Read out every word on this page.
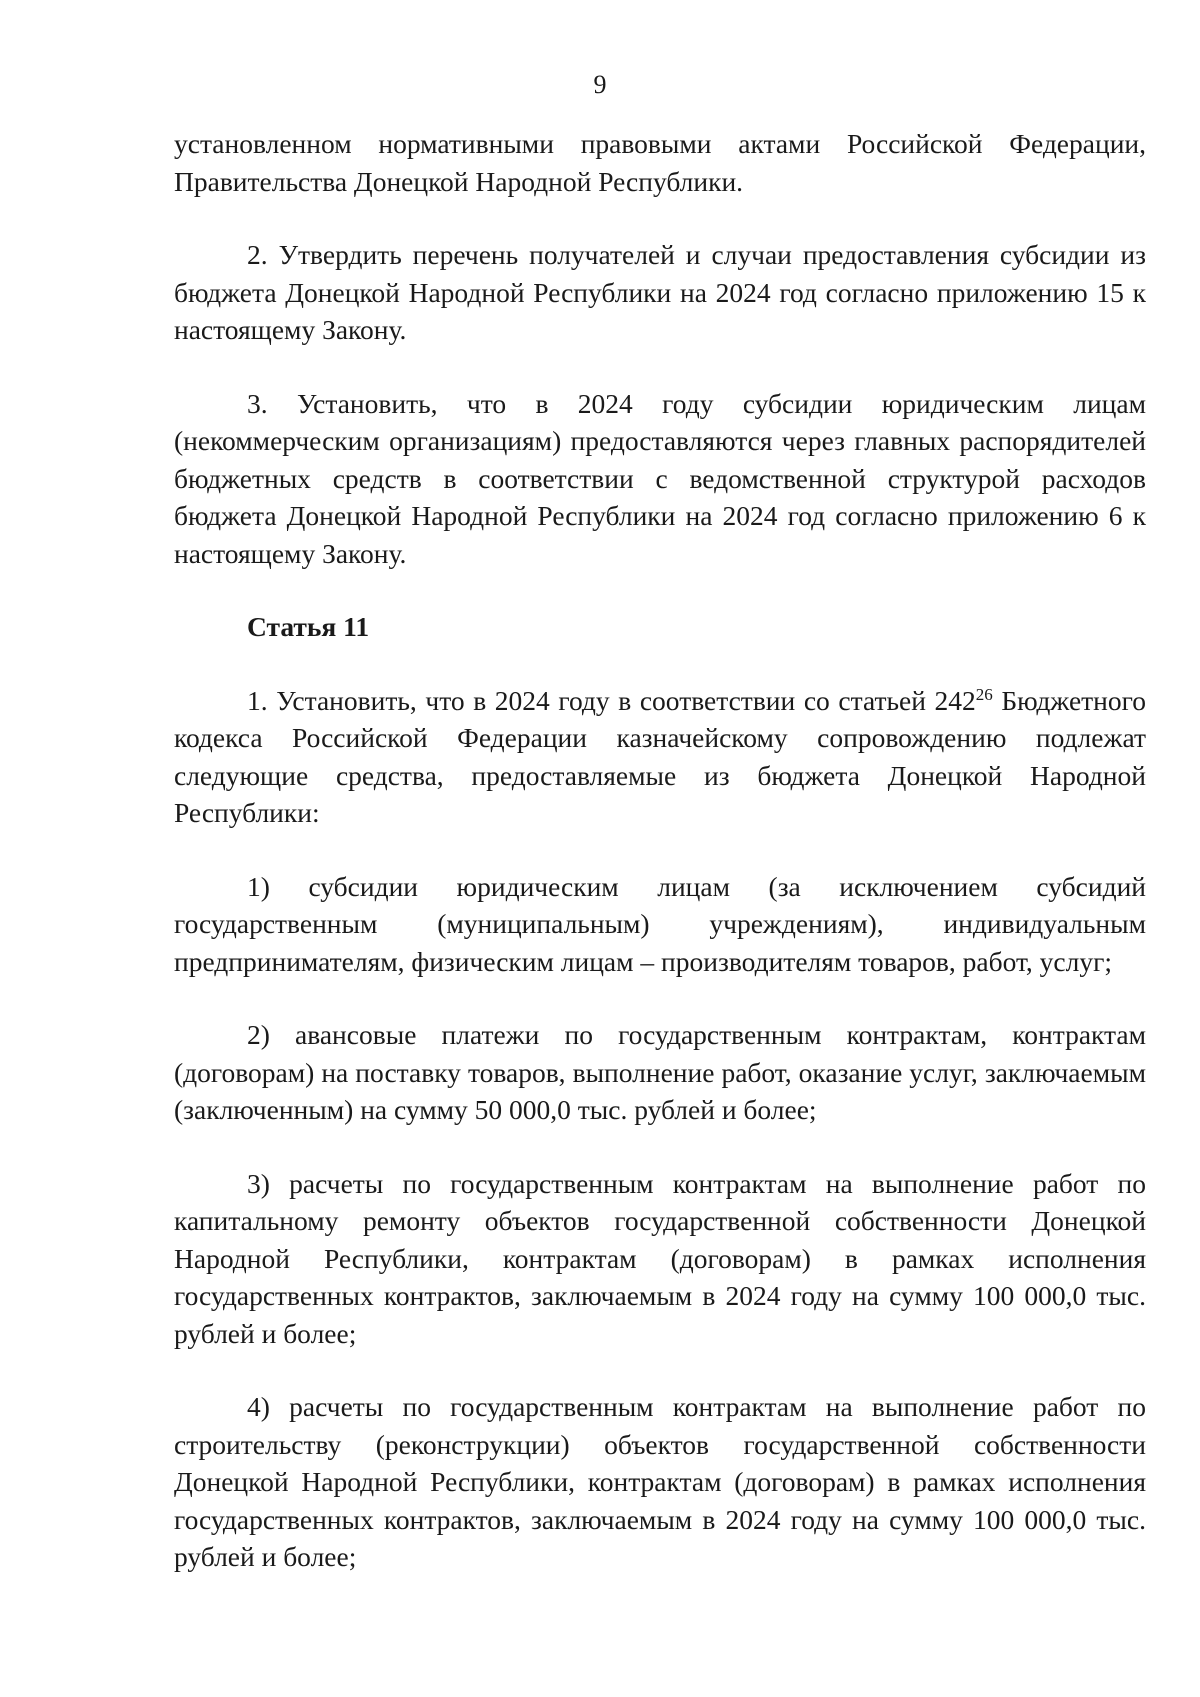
9

установленном нормативными правовыми актами Российской Федерации, Правительства Донецкой Народной Республики.

2. Утвердить перечень получателей и случаи предоставления субсидии из бюджета Донецкой Народной Республики на 2024 год согласно приложению 15 к настоящему Закону.

3. Установить, что в 2024 году субсидии юридическим лицам (некоммерческим организациям) предоставляются через главных распорядителей бюджетных средств в соответствии с ведомственной структурой расходов бюджета Донецкой Народной Республики на 2024 год согласно приложению 6 к настоящему Закону.

Статья 11

1. Установить, что в 2024 году в соответствии со статьей $242^{26}$ Бюджетного кодекса Российской Федерации казначейскому сопровождению подлежат следующие средства, предоставляемые из бюджета Донецкой Народной Республики:

1) субсидии юридическим лицам (за исключением субсидий государственным (муниципальным) учреждениям), индивидуальным предпринимателям, физическим лицам – производителям товаров, работ, услуг;

2) авансовые платежи по государственным контрактам, контрактам (договорам) на поставку товаров, выполнение работ, оказание услуг, заключаемым (заключенным) на сумму 50 000,0 тыс. рублей и более;

3) расчеты по государственным контрактам на выполнение работ по капитальному ремонту объектов государственной собственности Донецкой Народной Республики, контрактам (договорам) в рамках исполнения государственных контрактов, заключаемым в 2024 году на сумму 100 000,0 тыс. рублей и более;

4) расчеты по государственным контрактам на выполнение работ по строительству (реконструкции) объектов государственной собственности Донецкой Народной Республики, контрактам (договорам) в рамках исполнения государственных контрактов, заключаемым в 2024 году на сумму 100 000,0 тыс. рублей и более;
